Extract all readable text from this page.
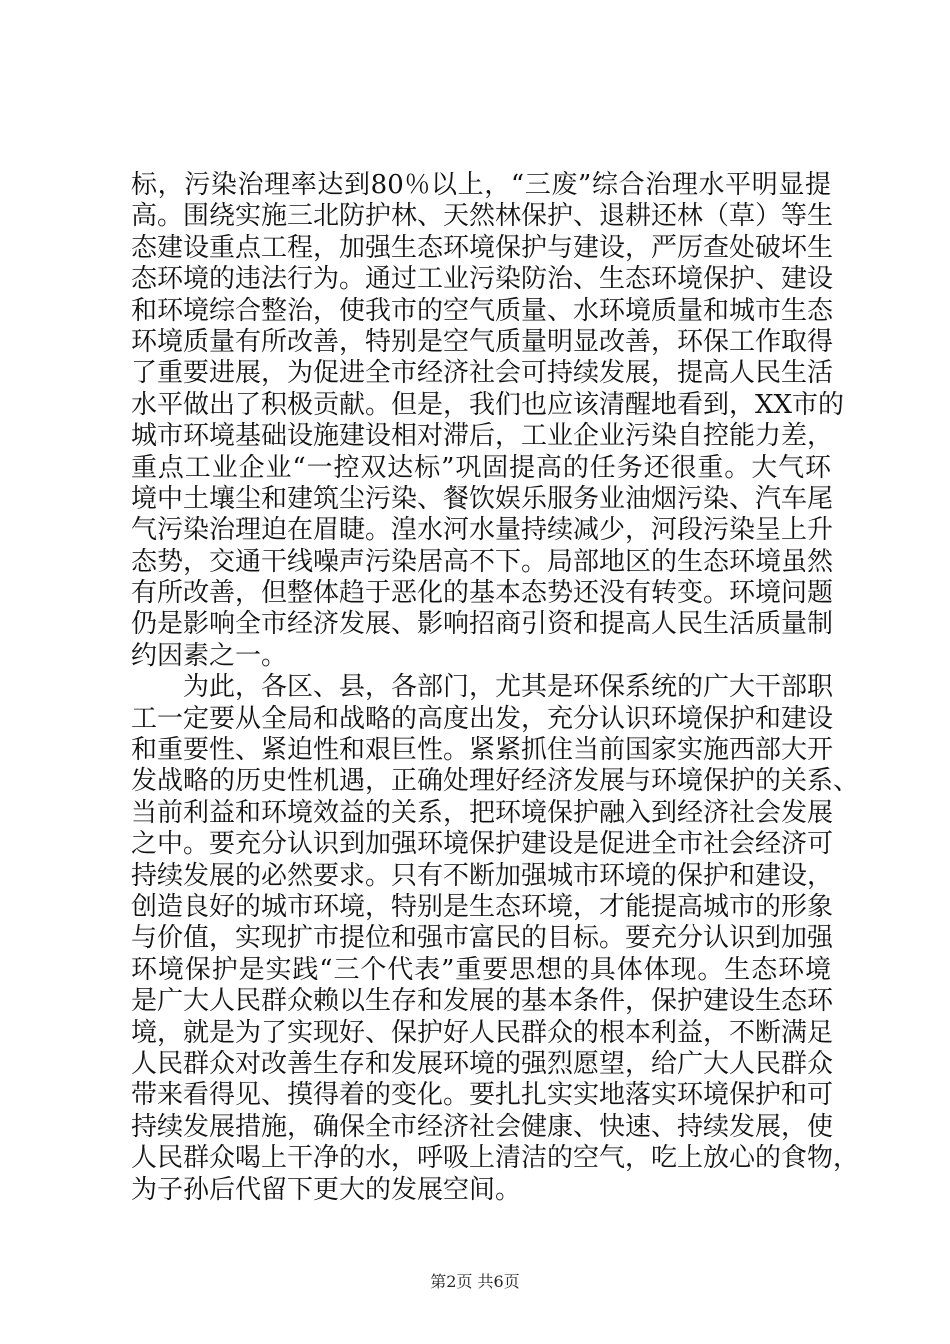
标，污染治理率达到80％以上，“三废”综合治理水平明显提
高。围绕实施三北防护林、天然林保护、退耕还林（草）等生
态建设重点工程，加强生态环境保护与建设，严厉查处破坏生
态环境的违法行为。通过工业污染防治、生态环境保护、建设
和环境综合整治，使我市的空气质量、水环境质量和城市生态
环境质量有所改善，特别是空气质量明显改善，环保工作取得
了重要进展，为促进全市经济社会可持续发展，提高人民生活
水平做出了积极贡献。但是，我们也应该清醒地看到，XX市的
城市环境基础设施建设相对滞后，工业企业污染自控能力差，
重点工业企业“一控双达标”巩固提高的任务还很重。大气环
境中土壤尘和建筑尘污染、餐饮娱乐服务业油烟污染、汽车尾
气污染治理迫在眉睫。湟水河水量持续减少，河段污染呈上升
态势，交通干线噪声污染居高不下。局部地区的生态环境虽然
有所改善，但整体趋于恶化的基本态势还没有转变。环境问题
仍是影响全市经济发展、影响招商引资和提高人民生活质量制
约因素之一。
　　为此，各区、县，各部门，尤其是环保系统的广大干部职
工一定要从全局和战略的高度出发，充分认识环境保护和建设
和重要性、紧迫性和艰巨性。紧紧抓住当前国家实施西部大开
发战略的历史性机遇，正确处理好经济发展与环境保护的关系、
当前利益和环境效益的关系，把环境保护融入到经济社会发展
之中。要充分认识到加强环境保护建设是促进全市社会经济可
持续发展的必然要求。只有不断加强城市环境的保护和建设，
创造良好的城市环境，特别是生态环境，才能提高城市的形象
与价值，实现扩市提位和强市富民的目标。要充分认识到加强
环境保护是实践“三个代表”重要思想的具体体现。生态环境
是广大人民群众赖以生存和发展的基本条件，保护建设生态环
境，就是为了实现好、保护好人民群众的根本利益，不断满足
人民群众对改善生存和发展环境的强烈愿望，给广大人民群众
带来看得见、摸得着的变化。要扎扎实实地落实环境保护和可
持续发展措施，确保全市经济社会健康、快速、持续发展，使
人民群众喝上干净的水，呼吸上清洁的空气，吃上放心的食物，
为子孙后代留下更大的发展空间。
第2页 共6页
